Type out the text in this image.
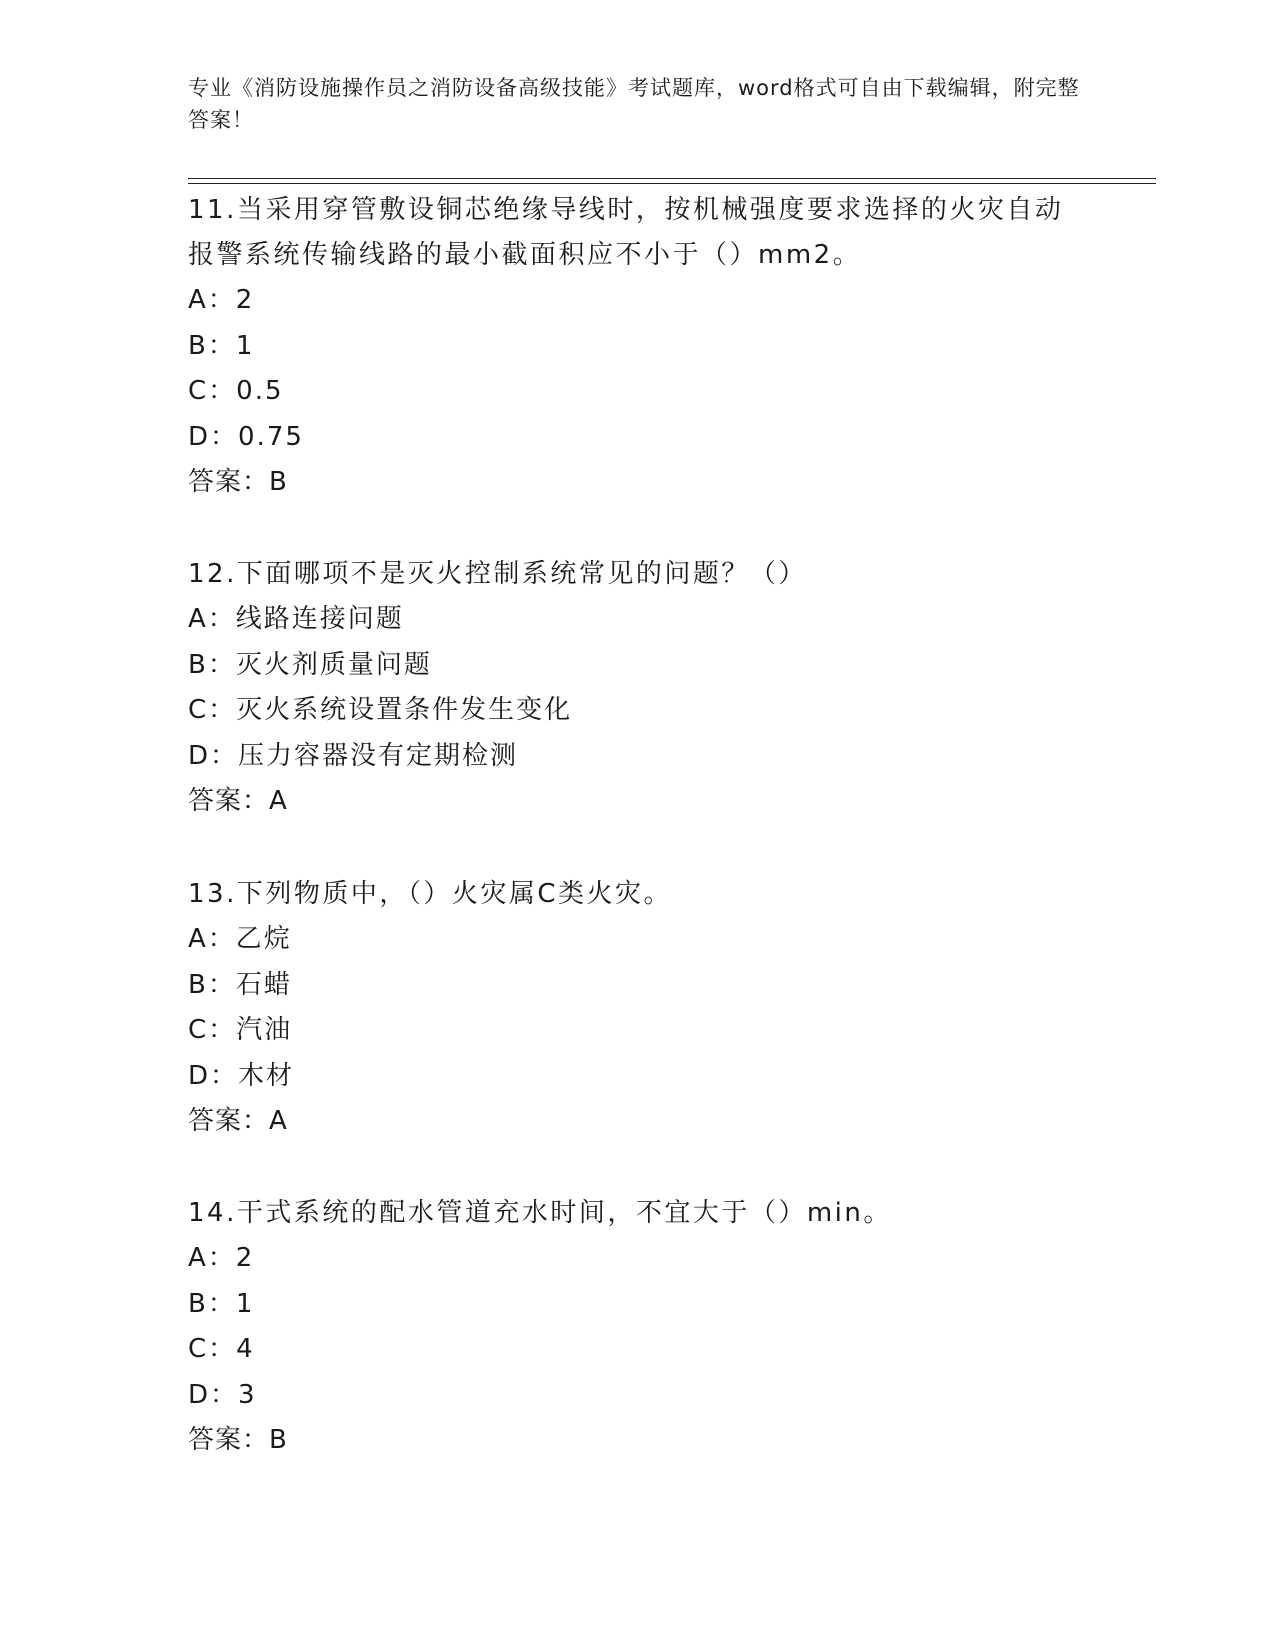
专业《消防设施操作员之消防设备高级技能》考试题库，word格式可自由下载编辑，附完整答案！

11.当采用穿管敷设铜芯绝缘导线时，按机械强度要求选择的火灾自动报警系统传输线路的最小截面积应不小于（）mm2。

A：2

B：1

C：0.5

D：0.75

答案：B

12.下面哪项不是灭火控制系统常见的问题？（）

A：线路连接问题

B：灭火剂质量问题

C：灭火系统设置条件发生变化

D：压力容器没有定期检测

答案：A

13.下列物质中，（）火灾属C类火灾。

A：乙烷

B：石蜡

C：汽油

D：木材

答案：A

14.干式系统的配水管道充水时间，不宜大于（）min。

A：2

B：1

C：4

D：3

答案：B
